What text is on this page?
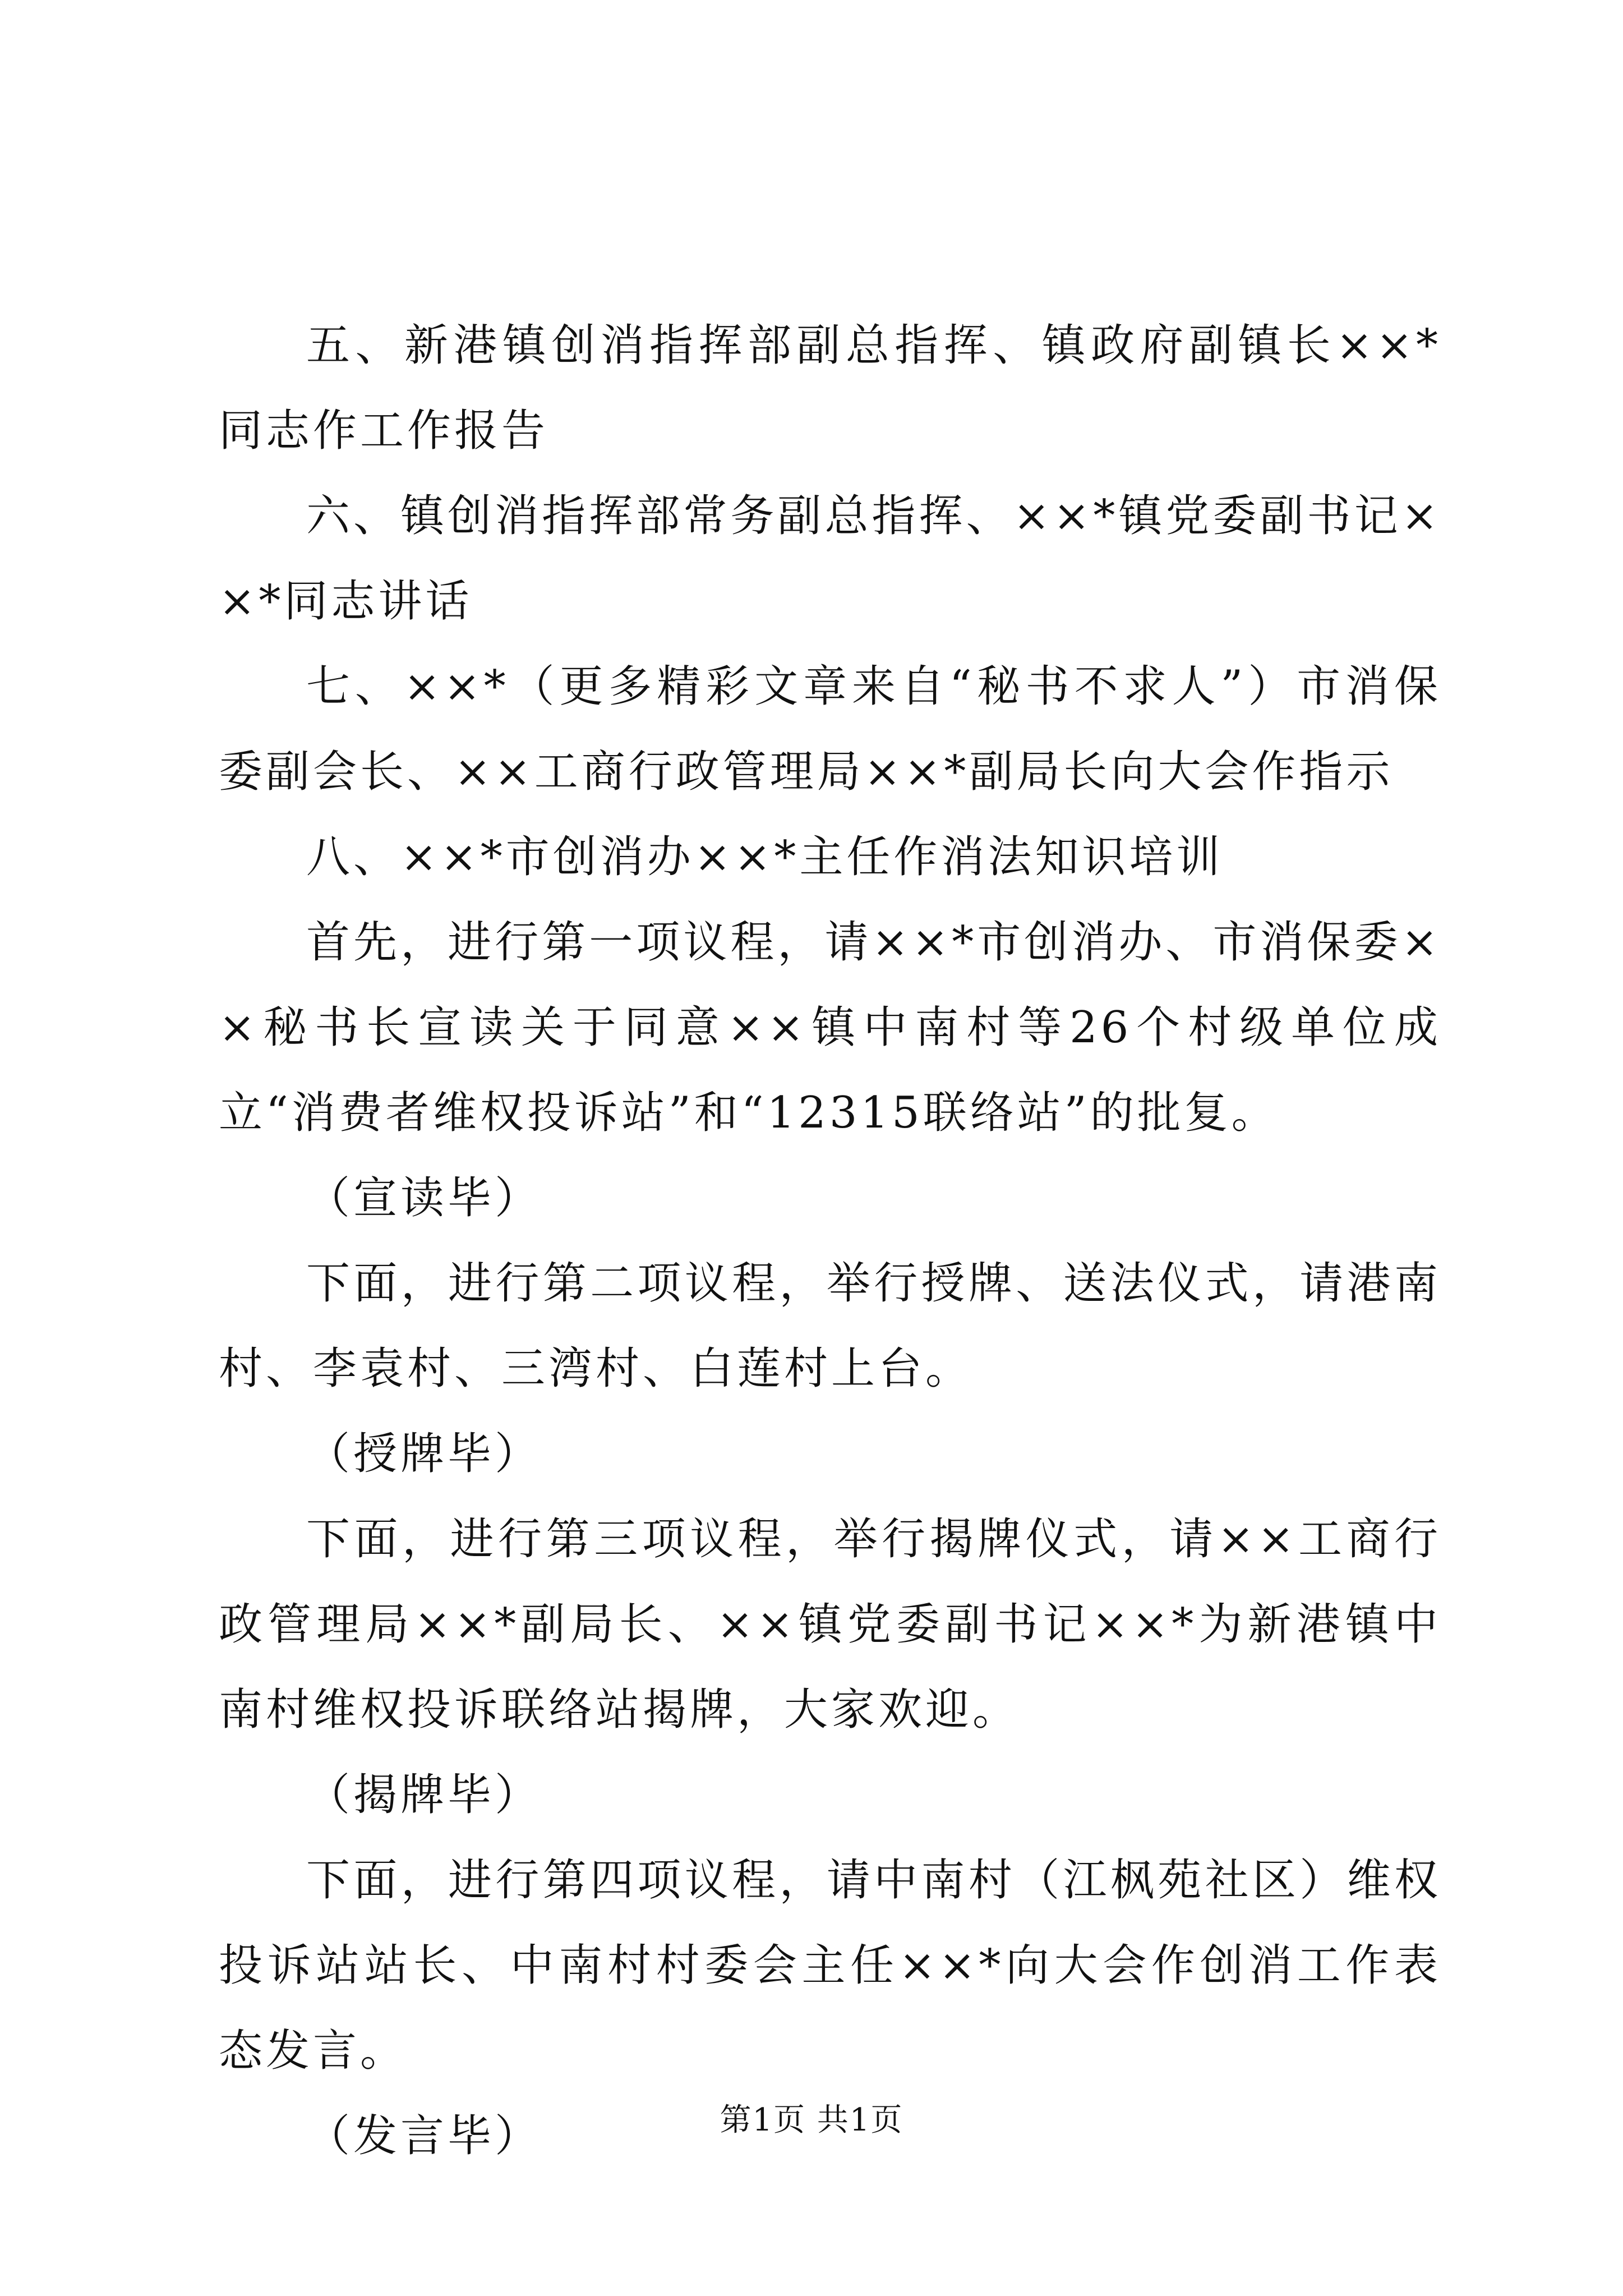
五、新港镇创消指挥部副总指挥、镇政府副镇长××*同志作工作报告

六、镇创消指挥部常务副总指挥、××*镇党委副书记××*同志讲话

七、××*（更多精彩文章来自“秘书不求人”）市消保委副会长、××工商行政管理局××*副局长向大会作指示

八、××*市创消办××*主任作消法知识培训

首先，进行第一项议程，请××*市创消办、市消保委××秘书长宣读关于同意××镇中南村等26个村级单位成立“消费者维权投诉站”和“12315联络站”的批复。

（宣读毕）

下面，进行第二项议程，举行授牌、送法仪式，请港南村、李袁村、三湾村、白莲村上台。

（授牌毕）

下面，进行第三项议程，举行揭牌仪式，请××工商行政管理局××*副局长、××镇党委副书记××*为新港镇中南村维权投诉联络站揭牌，大家欢迎。

（揭牌毕）

下面，进行第四项议程，请中南村（江枫苑社区）维权投诉站站长、中南村村委会主任××*向大会作创消工作表态发言。

（发言毕）	第1页 共1页
